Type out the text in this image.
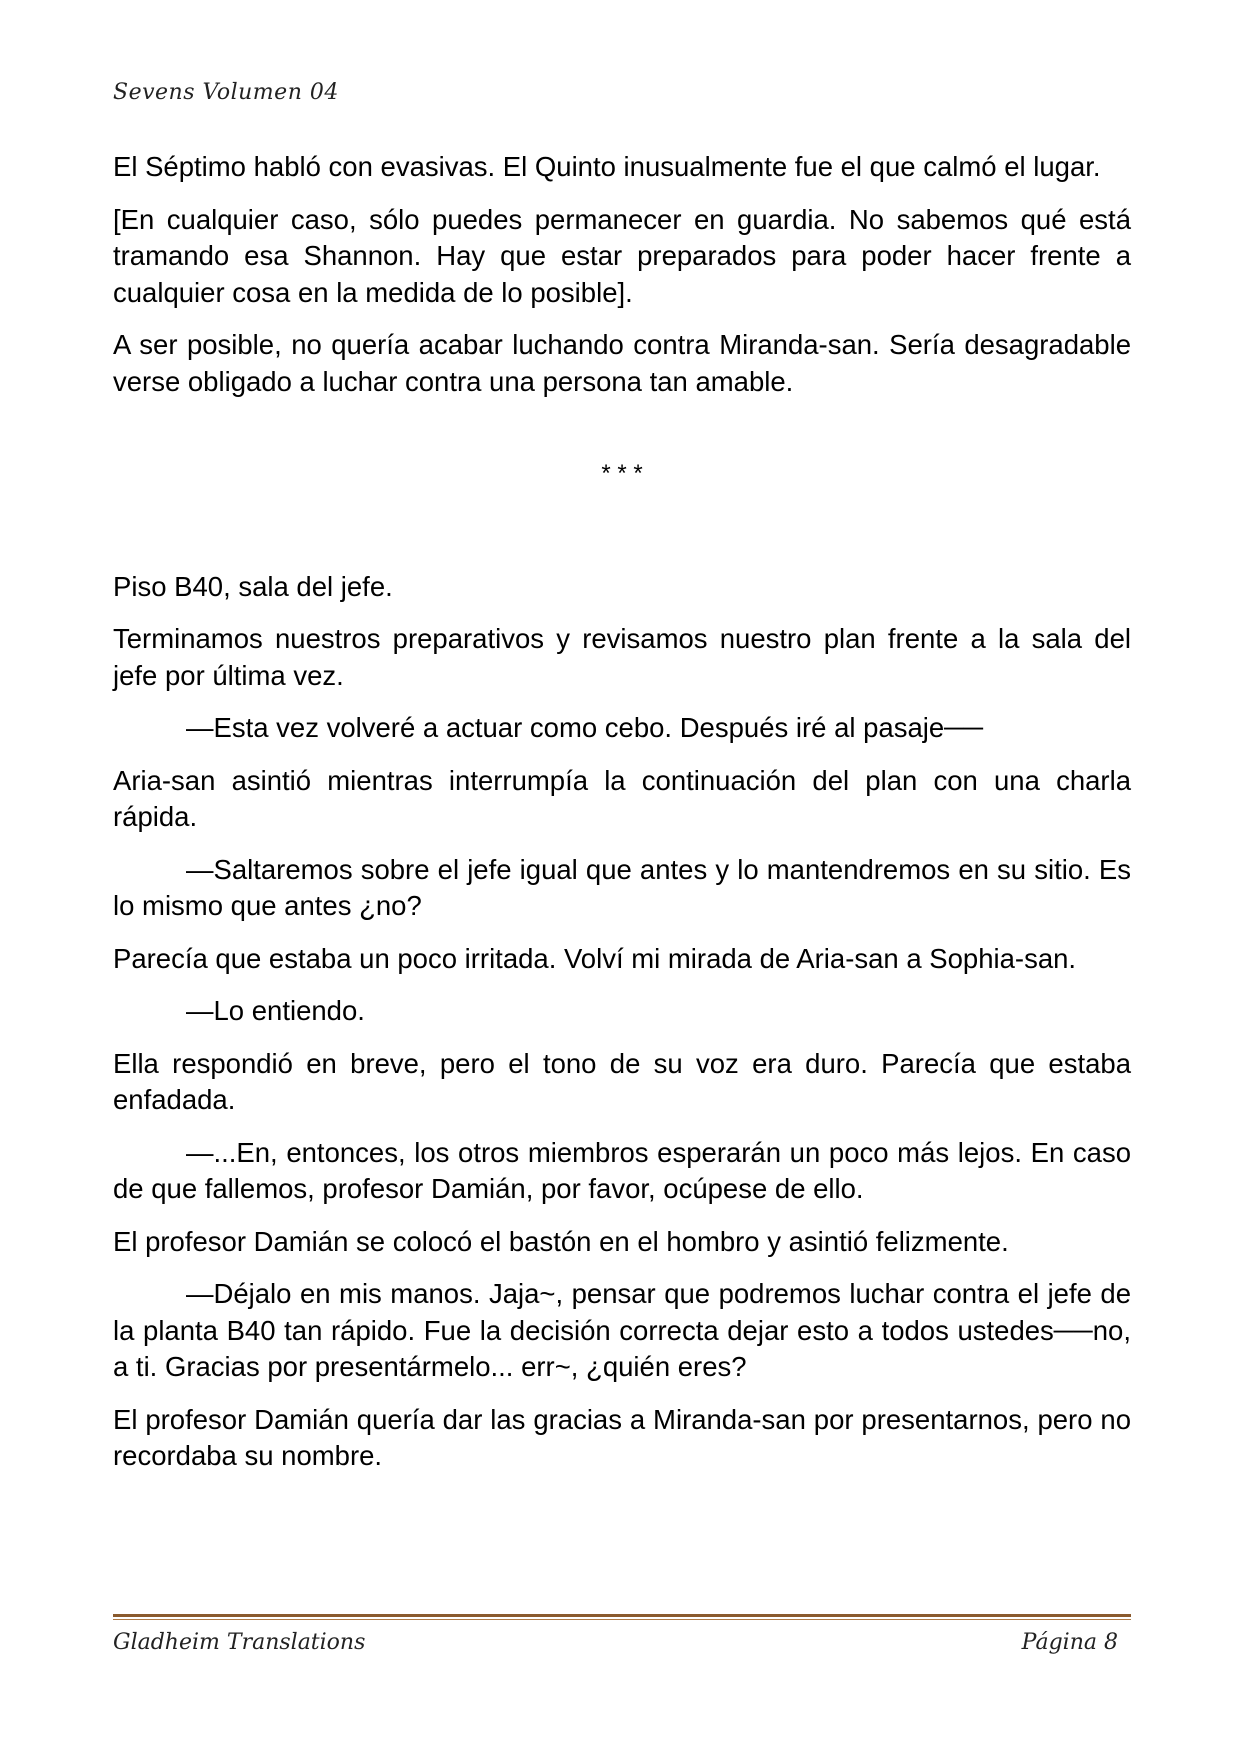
Sevens Volumen 04

El Séptimo habló con evasivas. El Quinto inusualmente fue el que calmó el lugar.

[En cualquier caso, sólo puedes permanecer en guardia. No sabemos qué está tramando esa Shannon. Hay que estar preparados para poder hacer frente a cualquier cosa en la medida de lo posible].

A ser posible, no quería acabar luchando contra Miranda-san. Sería desagradable verse obligado a luchar contra una persona tan amable.

* * *

Piso B40, sala del jefe.

Terminamos nuestros preparativos y revisamos nuestro plan frente a la sala del jefe por última vez.

—Esta vez volveré a actuar como cebo. Después iré al pasaje──

Aria-san asintió mientras interrumpía la continuación del plan con una charla rápida.

—Saltaremos sobre el jefe igual que antes y lo mantendremos en su sitio. Es lo mismo que antes ¿no?

Parecía que estaba un poco irritada. Volví mi mirada de Aria-san a Sophia-san.

—Lo entiendo.

Ella respondió en breve, pero el tono de su voz era duro. Parecía que estaba enfadada.

—...En, entonces, los otros miembros esperarán un poco más lejos. En caso de que fallemos, profesor Damián, por favor, ocúpese de ello.

El profesor Damián se colocó el bastón en el hombro y asintió felizmente.

—Déjalo en mis manos. Jaja~, pensar que podremos luchar contra el jefe de la planta B40 tan rápido. Fue la decisión correcta dejar esto a todos ustedes──no, a ti. Gracias por presentármelo... err~, ¿quién eres?

El profesor Damián quería dar las gracias a Miranda-san por presentarnos, pero no recordaba su nombre.

Gladheim Translations	Página 8
